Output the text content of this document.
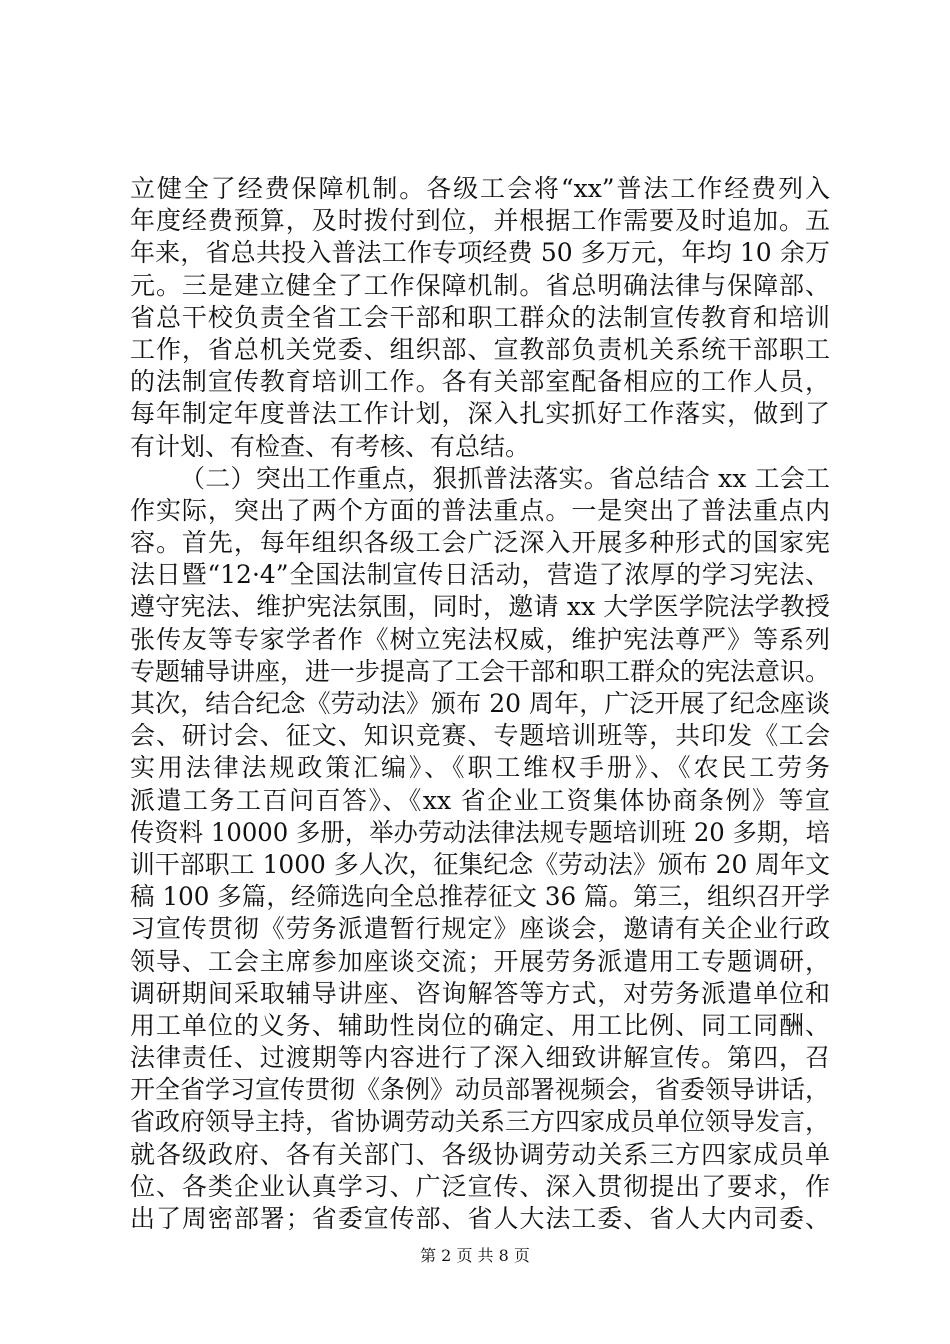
立健全了经费保障机制。各级工会将“xx”普法工作经费列入
年度经费预算，及时拨付到位，并根据工作需要及时追加。五
年来，省总共投入普法工作专项经费 50 多万元，年均 10 余万
元。三是建立健全了工作保障机制。省总明确法律与保障部、
省总干校负责全省工会干部和职工群众的法制宣传教育和培训
工作，省总机关党委、组织部、宣教部负责机关系统干部职工
的法制宣传教育培训工作。各有关部室配备相应的工作人员，
每年制定年度普法工作计划，深入扎实抓好工作落实，做到了
有计划、有检查、有考核、有总结。
（二）突出工作重点，狠抓普法落实。省总结合 xx 工会工
作实际，突出了两个方面的普法重点。一是突出了普法重点内
容。首先，每年组织各级工会广泛深入开展多种形式的国家宪
法日暨“12·4”全国法制宣传日活动，营造了浓厚的学习宪法、
遵守宪法、维护宪法氛围，同时，邀请 xx 大学医学院法学教授
张传友等专家学者作《树立宪法权威，维护宪法尊严》等系列
专题辅导讲座，进一步提高了工会干部和职工群众的宪法意识。
其次，结合纪念《劳动法》颁布 20 周年，广泛开展了纪念座谈
会、研讨会、征文、知识竞赛、专题培训班等，共印发《工会
实用法律法规政策汇编》、《职工维权手册》、《农民工劳务
派遣工务工百问百答》、《xx 省企业工资集体协商条例》等宣
传资料 10000 多册，举办劳动法律法规专题培训班 20 多期，培
训干部职工 1000 多人次，征集纪念《劳动法》颁布 20 周年文
稿 100 多篇，经筛选向全总推荐征文 36 篇。第三，组织召开学
习宣传贯彻《劳务派遣暂行规定》座谈会，邀请有关企业行政
领导、工会主席参加座谈交流；开展劳务派遣用工专题调研，
调研期间采取辅导讲座、咨询解答等方式，对劳务派遣单位和
用工单位的义务、辅助性岗位的确定、用工比例、同工同酬、
法律责任、过渡期等内容进行了深入细致讲解宣传。第四，召
开全省学习宣传贯彻《条例》动员部署视频会，省委领导讲话，
省政府领导主持，省协调劳动关系三方四家成员单位领导发言，
就各级政府、各有关部门、各级协调劳动关系三方四家成员单
位、各类企业认真学习、广泛宣传、深入贯彻提出了要求，作
出了周密部署；省委宣传部、省人大法工委、省人大内司委、
第 2 页 共 8 页
